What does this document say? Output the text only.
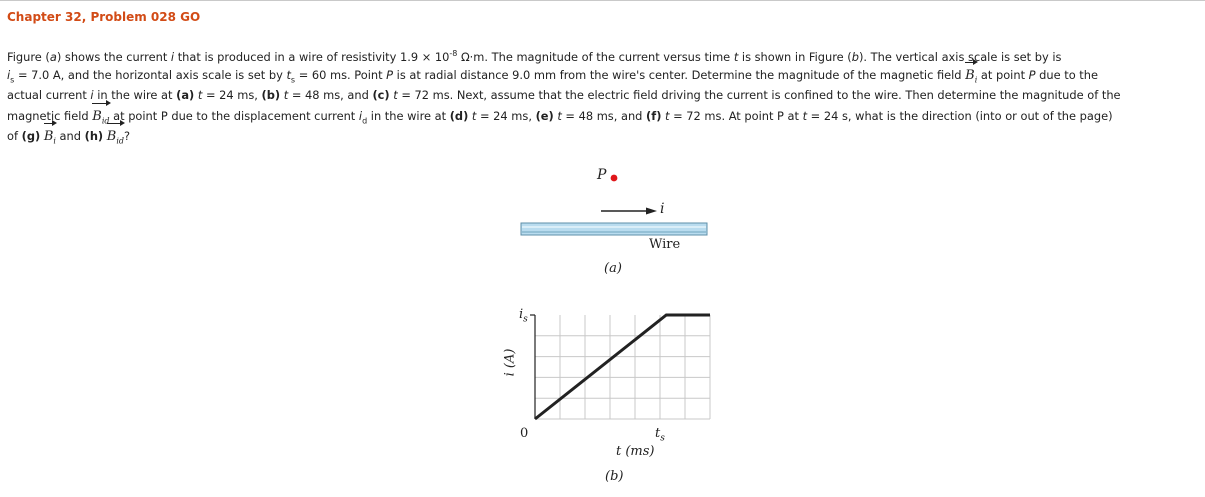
Chapter 32, Problem 028 GO
Figure (a) shows the current i that is produced in a wire of resistivity $1.9 \times 10^{-8}$ Ω·m. The magnitude of the current versus time t is shown in Figure (b). The vertical axis scale is set by is
$i_s = 7.0$ A, and the horizontal axis scale is set by $t_s = 60$ ms. Point P is at radial distance 9.0 mm from the wire's center. Determine the magnitude of the magnetic field $B_i$ at point P due to the
actual current i in the wire at (a) t = 24 ms, (b) t = 48 ms, and (c) t = 72 ms. Next, assume that the electric field driving the current is confined to the wire. Then determine the magnitude of the
magnetic field $B_{id}$ at point P due to the displacement current $i_d$ in the wire at (d) t = 24 ms, (e) t = 48 ms, and (f) t = 72 ms. At point P at t = 24 s, what is the direction (into or out of the page)
of (g) $B_i$ and (h) $B_{id}$?
P
i
Wire
(a)
i (A)
$i_s$
0	$t_s$
t (ms)
(b)
